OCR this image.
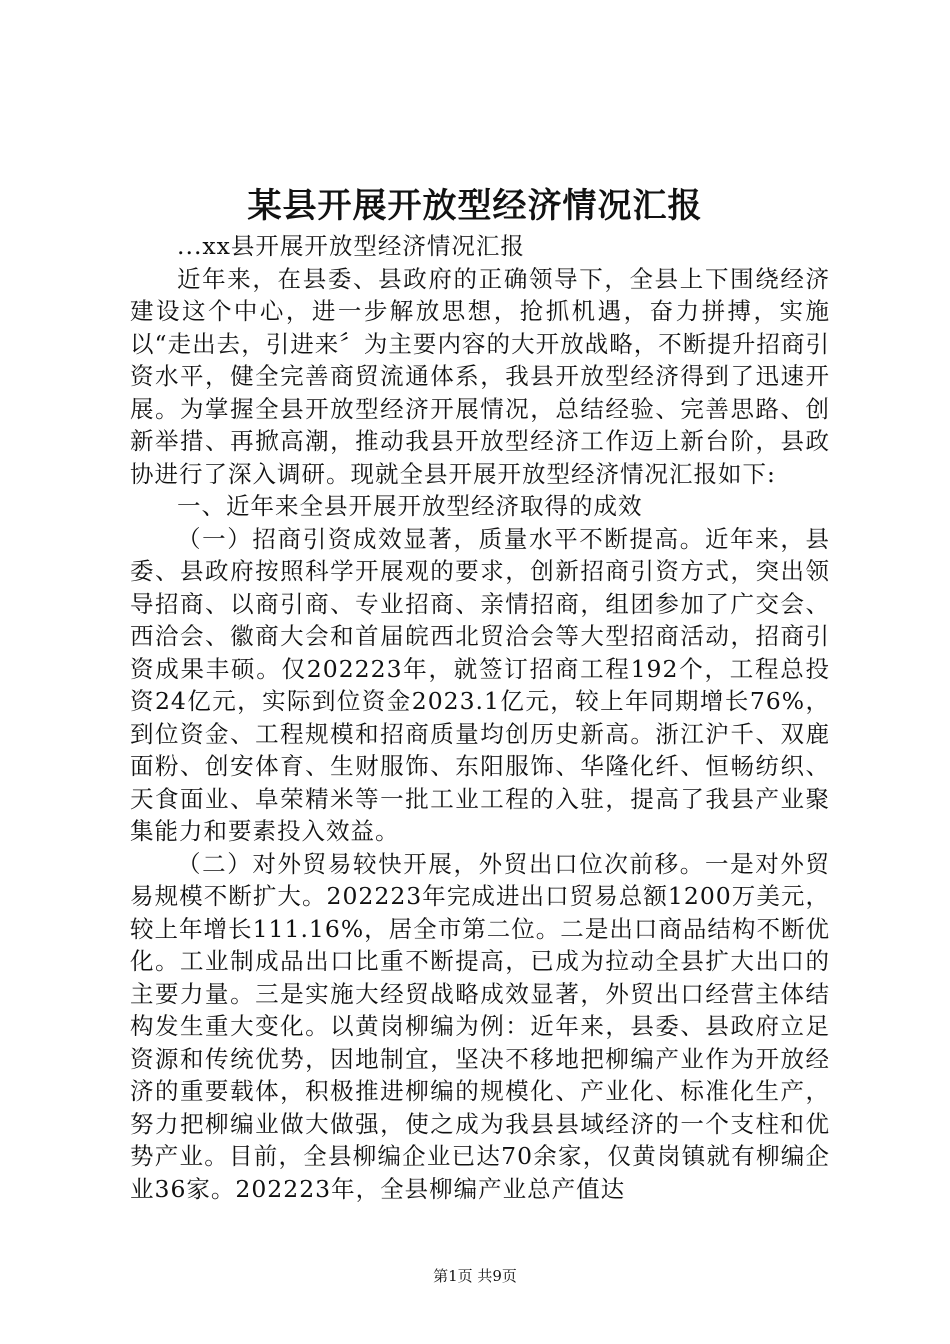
某县开展开放型经济情况汇报

...xx县开展开放型经济情况汇报

近年来，在县委、县政府的正确领导下，全县上下围绕经济建设这个中心，进一步解放思想，抢抓机遇，奋力拼搏，实施以“走出去，引进来〞为主要内容的大开放战略，不断提升招商引资水平，健全完善商贸流通体系，我县开放型经济得到了迅速开展。为掌握全县开放型经济开展情况，总结经验、完善思路、创新举措、再掀高潮，推动我县开放型经济工作迈上新台阶，县政协进行了深入调研。现就全县开展开放型经济情况汇报如下:

一、近年来全县开展开放型经济取得的成效

（一）招商引资成效显著，质量水平不断提高。近年来，县委、县政府按照科学开展观的要求，创新招商引资方式，突出领导招商、以商引商、专业招商、亲情招商，组团参加了广交会、西洽会、徽商大会和首届皖西北贸洽会等大型招商活动，招商引资成果丰硕。仅202223年，就签订招商工程192个，工程总投资24亿元，实际到位资金2023.1亿元，较上年同期增长76%，到位资金、工程规模和招商质量均创历史新高。浙江沪千、双鹿面粉、创安体育、生财服饰、东阳服饰、华隆化纤、恒畅纺织、天食面业、阜荣精米等一批工业工程的入驻，提高了我县产业聚集能力和要素投入效益。

（二）对外贸易较快开展，外贸出口位次前移。一是对外贸易规模不断扩大。202223年完成进出口贸易总额1200万美元，较上年增长111.16%，居全市第二位。二是出口商品结构不断优化。工业制成品出口比重不断提高，已成为拉动全县扩大出口的主要力量。三是实施大经贸战略成效显著，外贸出口经营主体结构发生重大变化。以黄岗柳编为例：近年来，县委、县政府立足资源和传统优势，因地制宜，坚决不移地把柳编产业作为开放经济的重要载体，积极推进柳编的规模化、产业化、标准化生产，努力把柳编业做大做强，使之成为我县县域经济的一个支柱和优势产业。目前，全县柳编企业已达70余家，仅黄岗镇就有柳编企业36家。202223年，全县柳编产业总产值达

第1页 共9页
